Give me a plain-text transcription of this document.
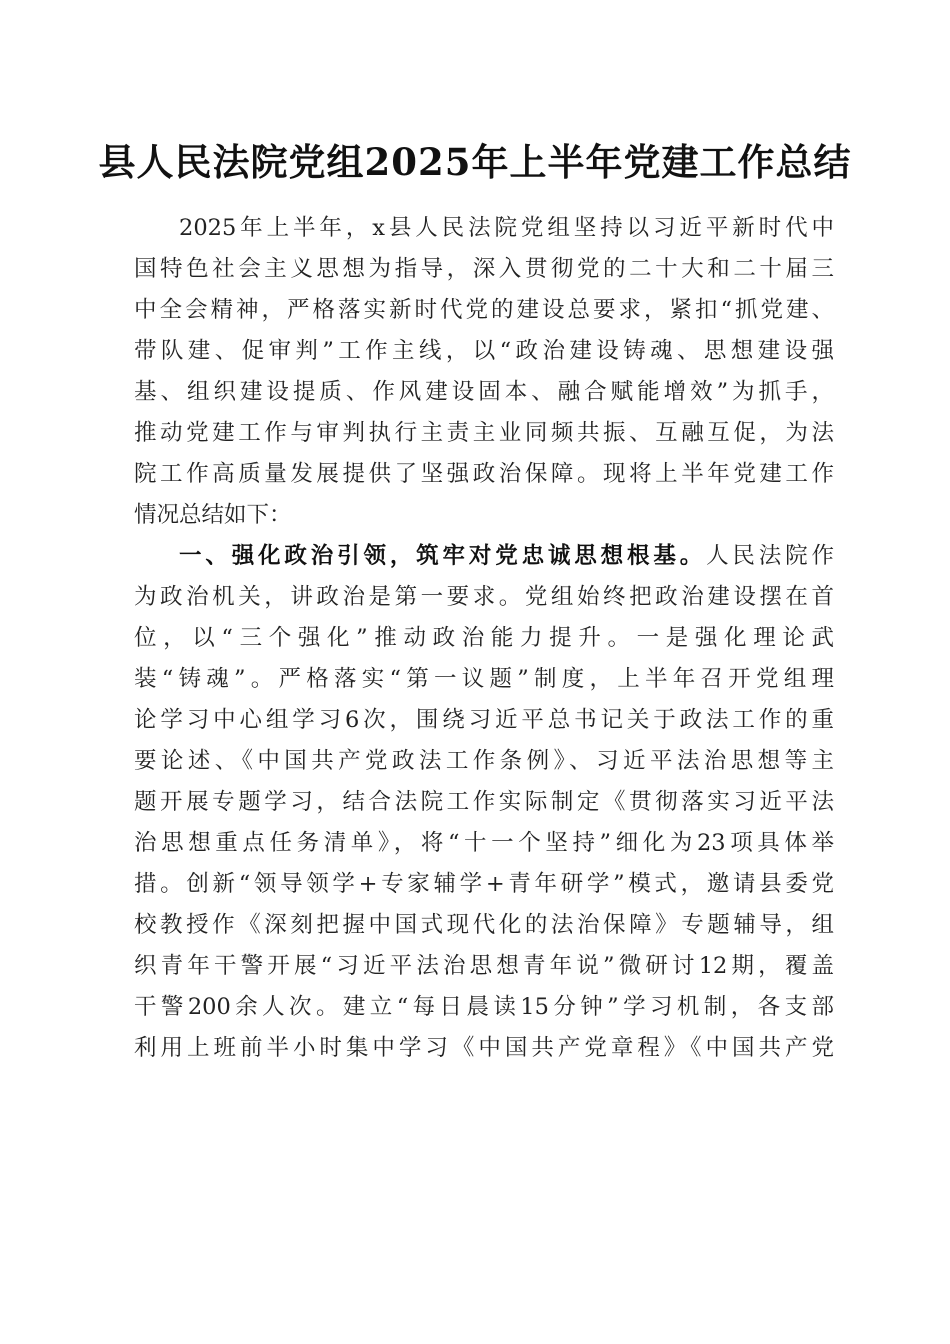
县人民法院党组2025年上半年党建工作总结
2025年上半年，x县人民法院党组坚持以习近平新时代中
国特色社会主义思想为指导，深入贯彻党的二十大和二十届三
中全会精神，严格落实新时代党的建设总要求，紧扣“抓党建、
带队建、促审判”工作主线，以“政治建设铸魂、思想建设强
基、组织建设提质、作风建设固本、融合赋能增效”为抓手，
推动党建工作与审判执行主责主业同频共振、互融互促，为法
院工作高质量发展提供了坚强政治保障。现将上半年党建工作
情况总结如下：
一、强化政治引领，筑牢对党忠诚思想根基。人民法院作
为政治机关，讲政治是第一要求。党组始终把政治建设摆在首
位，以“三个强化”推动政治能力提升。一是强化理论武
装“铸魂”。严格落实“第一议题”制度，上半年召开党组理
论学习中心组学习6次，围绕习近平总书记关于政法工作的重
要论述、《中国共产党政法工作条例》、习近平法治思想等主
题开展专题学习，结合法院工作实际制定《贯彻落实习近平法
治思想重点任务清单》，将“十一个坚持”细化为23项具体举
措。创新“领导领学+专家辅学+青年研学”模式，邀请县委党
校教授作《深刻把握中国式现代化的法治保障》专题辅导，组
织青年干警开展“习近平法治思想青年说”微研讨12期，覆盖
干警200余人次。建立“每日晨读15分钟”学习机制，各支部
利用上班前半小时集中学习《中国共产党章程》《中国共产党
